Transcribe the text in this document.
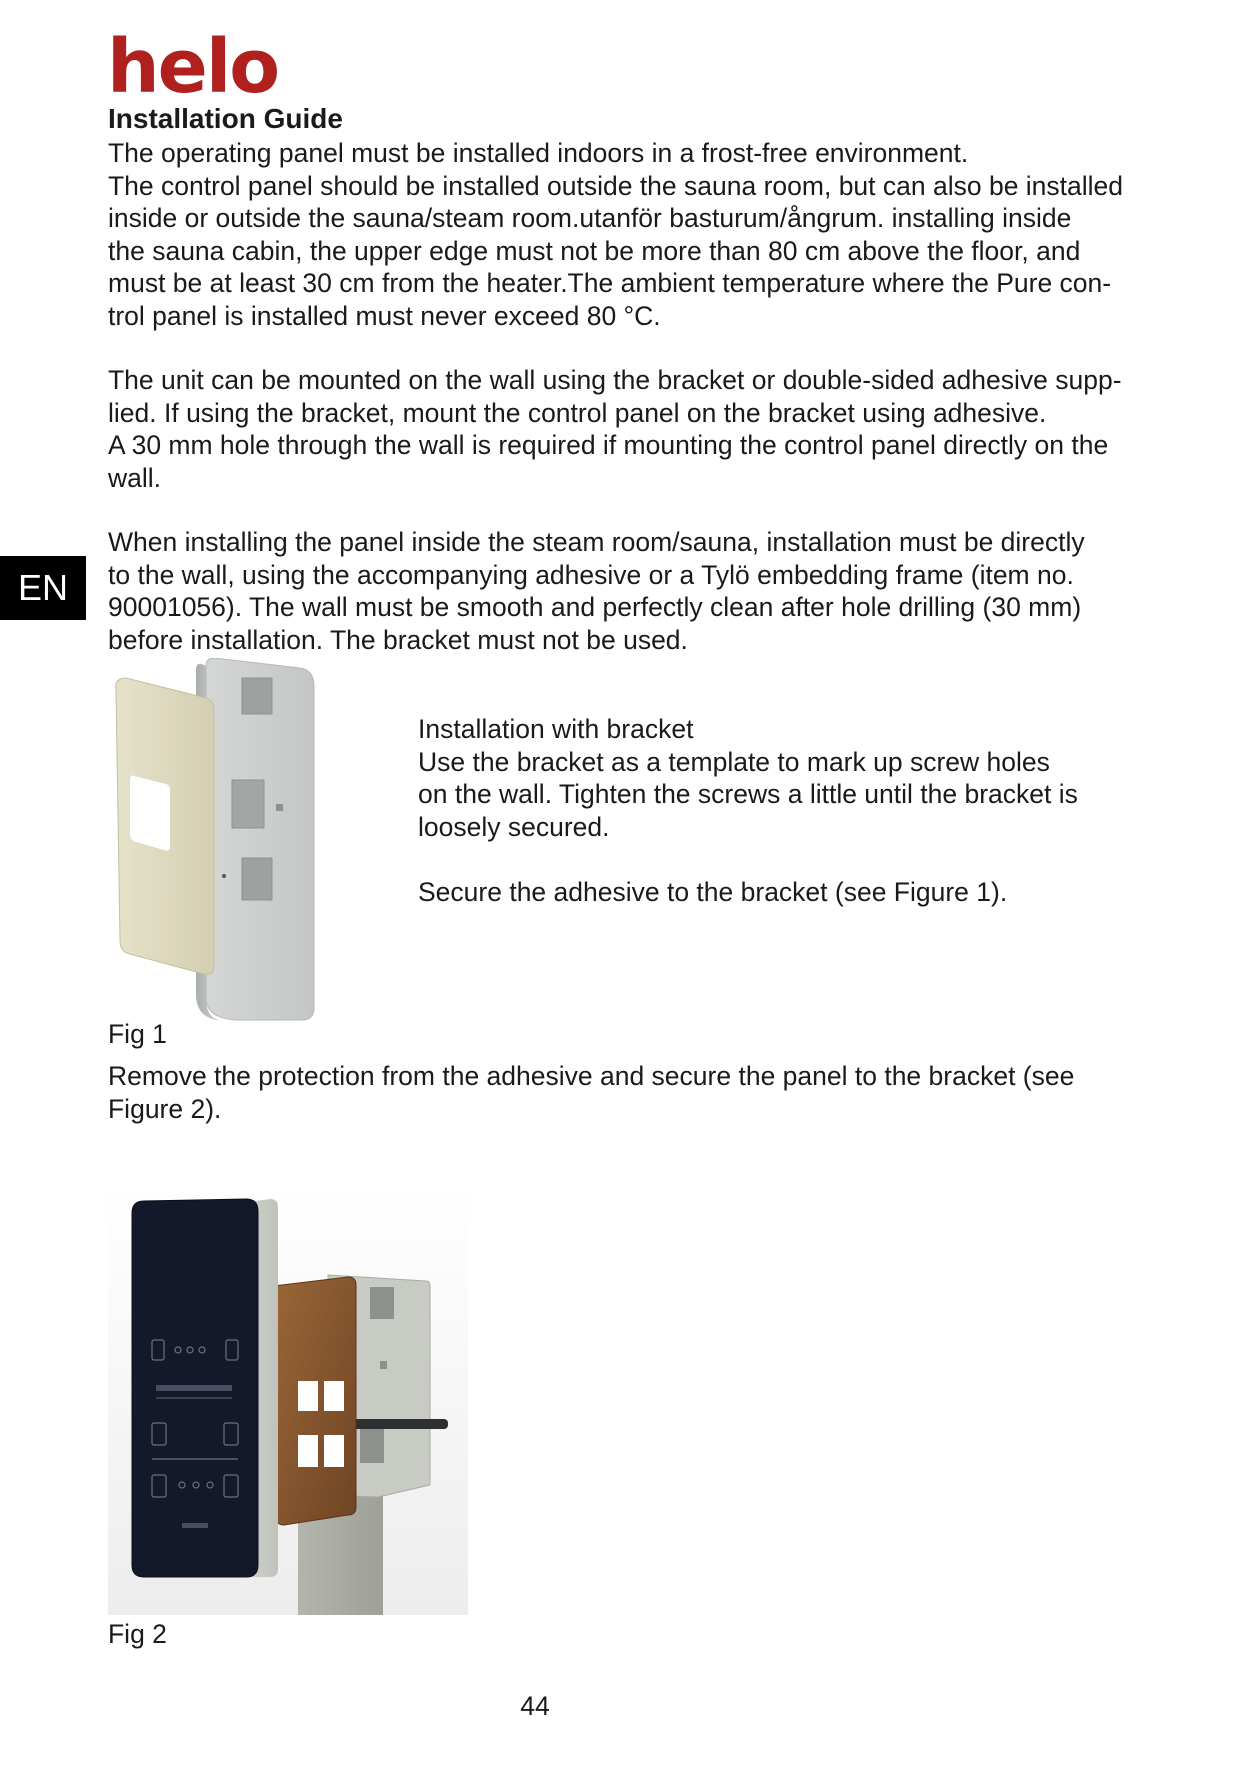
helo
Installation Guide

The operating panel must be installed indoors in a frost-free environment.
The control panel should be installed outside the sauna room, but can also be installed
inside or outside the sauna/steam room.utanför basturum/ångrum. installing inside
the sauna cabin, the upper edge must not be more than 80 cm above the floor, and
must be at least 30 cm from the heater.The ambient temperature where the Pure con-
trol panel is installed must never exceed 80 °C.

The unit can be mounted on the wall using the bracket or double-sided adhesive supp-
lied. If using the bracket, mount the control panel on the bracket using adhesive.
A 30 mm hole through the wall is required if mounting the control panel directly on the
wall.

EN

When installing the panel inside the steam room/sauna, installation must be directly
to the wall, using the accompanying adhesive or a Tylö embedding frame (item no.
90001056). The wall must be smooth and perfectly clean after hole drilling (30 mm)
before installation. The bracket must not be used.

Installation with bracket
Use the bracket as a template to mark up screw holes
on the wall. Tighten the screws a little until the bracket is
loosely secured.

Secure the adhesive to the bracket (see Figure 1).

Fig 1

Remove the protection from the adhesive and secure the panel to the bracket (see
Figure 2).

Fig 2

44
